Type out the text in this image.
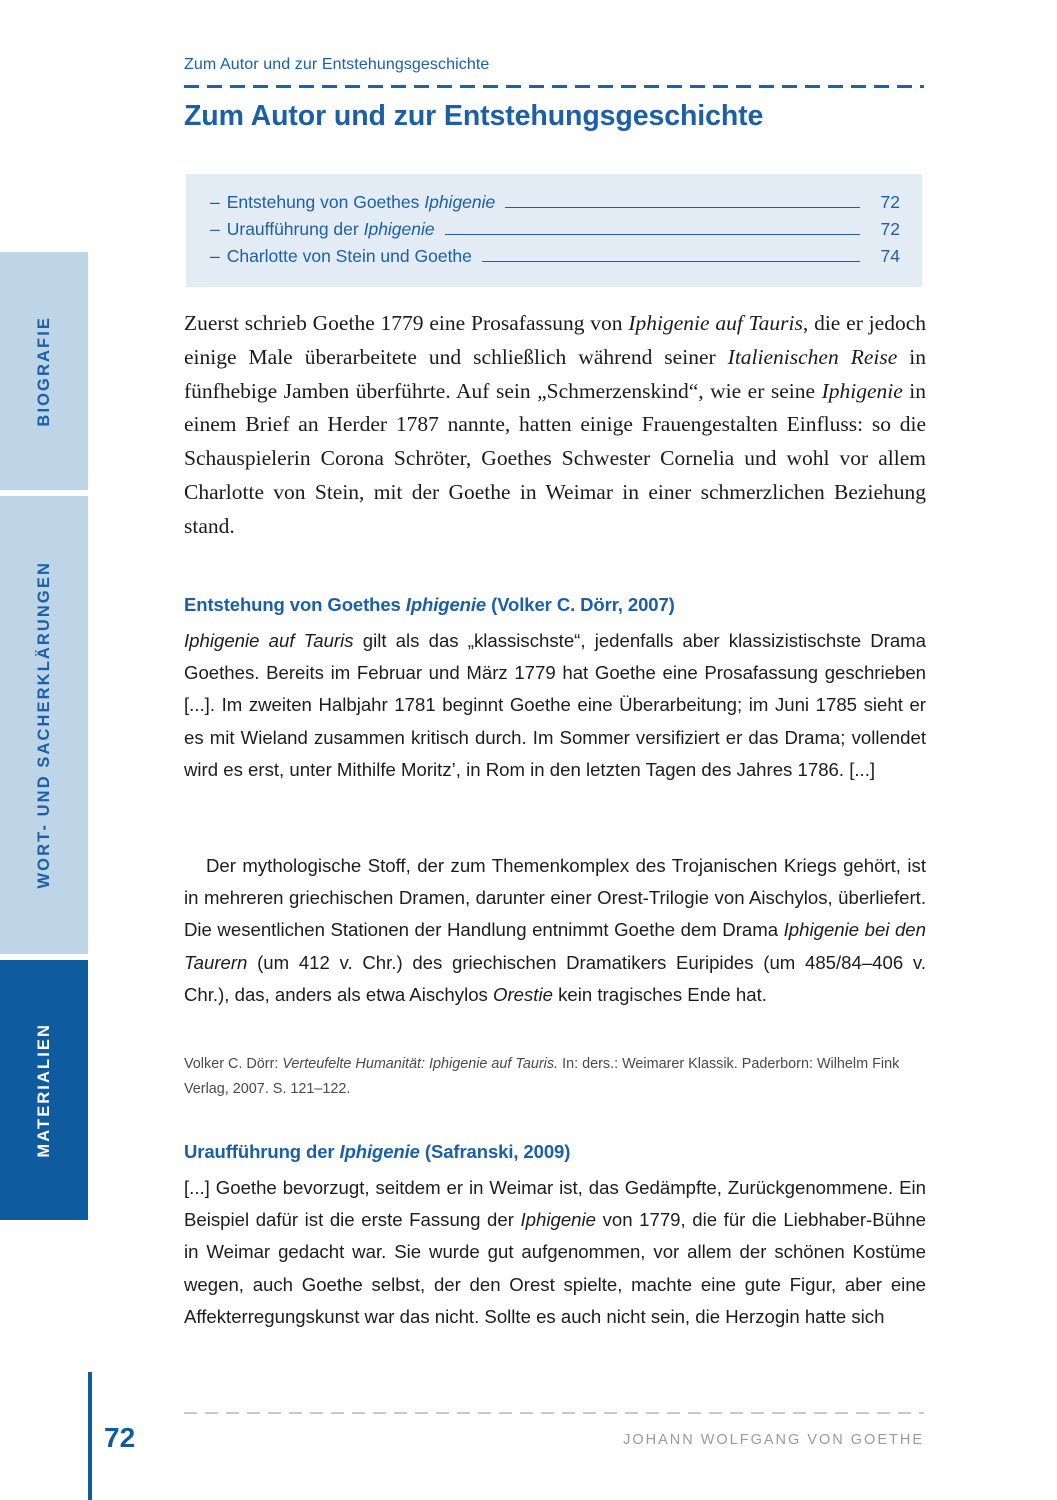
BIOGRAFIE
WORT- UND SACHERKLÄRUNGEN
MATERIALIEN
Zum Autor und zur Entstehungsgeschichte
Zum Autor und zur Entstehungsgeschichte
– Entstehung von Goethes Iphigenie	72
– Uraufführung der Iphigenie	72
– Charlotte von Stein und Goethe	74

Zuerst schrieb Goethe 1779 eine Prosafassung von Iphigenie auf Tauris, die er jedoch einige Male überarbeitete und schließlich während seiner Italienischen Reise in fünfhebige Jamben überführte. Auf sein „Schmerzenskind“, wie er seine Iphigenie in einem Brief an Herder 1787 nannte, hatten einige Frauengestalten Einfluss: so die Schauspielerin Corona Schröter, Goethes Schwester Cornelia und wohl vor allem Charlotte von Stein, mit der Goethe in Weimar in einer schmerzlichen Beziehung stand.

Entstehung von Goethes Iphigenie (Volker C. Dörr, 2007)

Iphigenie auf Tauris gilt als das „klassischste“, jedenfalls aber klassizistischste Drama Goethes. Bereits im Februar und März 1779 hat Goethe eine Prosafassung geschrieben [...]. Im zweiten Halbjahr 1781 beginnt Goethe eine Überarbeitung; im Juni 1785 sieht er es mit Wieland zusammen kritisch durch. Im Sommer versifiziert er das Drama; vollendet wird es erst, unter Mithilfe Moritz’, in Rom in den letzten Tagen des Jahres 1786. [...]

Der mythologische Stoff, der zum Themenkomplex des Trojanischen Kriegs gehört, ist in mehreren griechischen Dramen, darunter einer Orest-Trilogie von Aischylos, überliefert. Die wesentlichen Stationen der Handlung entnimmt Goethe dem Drama Iphigenie bei den Taurern (um 412 v. Chr.) des griechischen Dramatikers Euripides (um 485/84–406 v. Chr.), das, anders als etwa Aischylos Orestie kein tragisches Ende hat.

Volker C. Dörr: Verteufelte Humanität: Iphigenie auf Tauris. In: ders.: Weimarer Klassik. Paderborn: Wilhelm Fink Verlag, 2007. S. 121–122.

Uraufführung der Iphigenie (Safranski, 2009)

[...] Goethe bevorzugt, seitdem er in Weimar ist, das Gedämpfte, Zurückgenommene. Ein Beispiel dafür ist die erste Fassung der Iphigenie von 1779, die für die Liebhaber-Bühne in Weimar gedacht war. Sie wurde gut aufgenommen, vor allem der schönen Kostüme wegen, auch Goethe selbst, der den Orest spielte, machte eine gute Figur, aber eine Affekterregungskunst war das nicht. Sollte es auch nicht sein, die Herzogin hatte sich

72	JOHANN WOLFGANG VON GOETHE
